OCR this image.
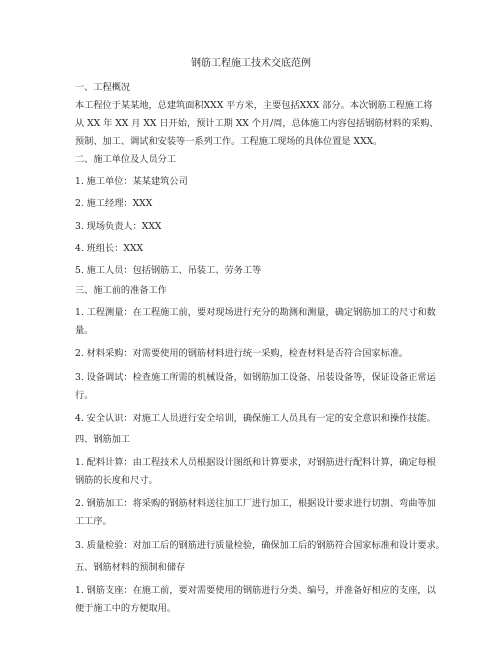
钢筋工程施工技术交底范例
一、工程概况
本工程位于某某地，总建筑面积XXX 平方米，主要包括XXX 部分。本次钢筋工程施工将
从 XX 年 XX 月 XX 日开始，预计工期 XX 个月/周，总体施工内容包括钢筋材料的采购、
预制、加工、调试和安装等一系列工作。工程施工现场的具体位置是 XXX。
二、施工单位及人员分工
1. 施工单位：某某建筑公司
2. 施工经理：XXX
3. 现场负责人：XXX
4. 班组长：XXX
5. 施工人员：包括钢筋工、吊装工、劳务工等
三、施工前的准备工作
1. 工程测量：在工程施工前，要对现场进行充分的勘测和测量，确定钢筋加工的尺寸和数
量。
2. 材料采购：对需要使用的钢筋材料进行统一采购，检查材料是否符合国家标准。
3. 设备调试：检查施工所需的机械设备，如钢筋加工设备、吊装设备等，保证设备正常运
行。
4. 安全认识：对施工人员进行安全培训，确保施工人员具有一定的安全意识和操作技能。
四、钢筋加工
1. 配料计算：由工程技术人员根据设计图纸和计算要求，对钢筋进行配料计算，确定每根
钢筋的长度和尺寸。
2. 钢筋加工：将采购的钢筋材料送往加工厂进行加工，根据设计要求进行切割、弯曲等加
工工序。
3. 质量检验：对加工后的钢筋进行质量检验，确保加工后的钢筋符合国家标准和设计要求。
五、钢筋材料的预制和储存
1. 钢筋支座：在施工前，要对需要使用的钢筋进行分类、编号，并准备好相应的支座，以
便于施工中的方便取用。
